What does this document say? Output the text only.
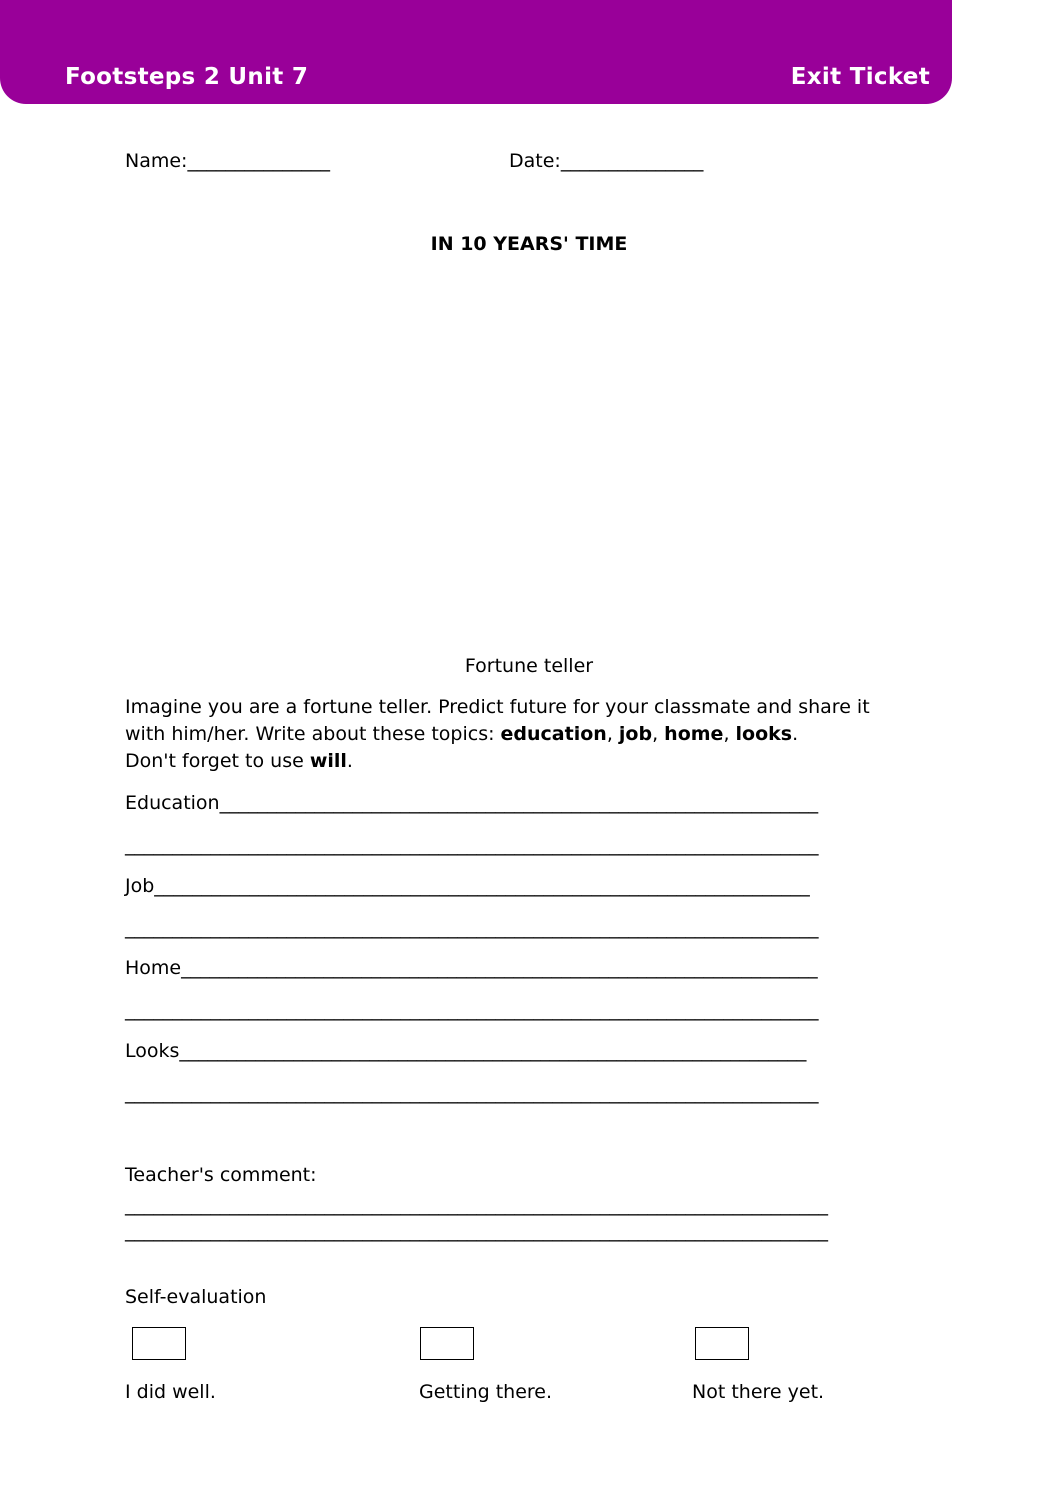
Footsteps 2 Unit 7	Exit Ticket
Name:_______________	Date:_______________
IN 10 YEARS' TIME
Fortune teller
Imagine you are a fortune teller. Predict future for your classmate and share it
with him/her. Write about these topics: education, job, home, looks.
Don't forget to use will.
Education_______________________________________________________________
_________________________________________________________________________
Job_____________________________________________________________________
_________________________________________________________________________
Home___________________________________________________________________
_________________________________________________________________________
Looks__________________________________________________________________
_________________________________________________________________________
Teacher's comment:
__________________________________________________________________________
__________________________________________________________________________
Self-evaluation
I did well.	Getting there.	Not there yet.
